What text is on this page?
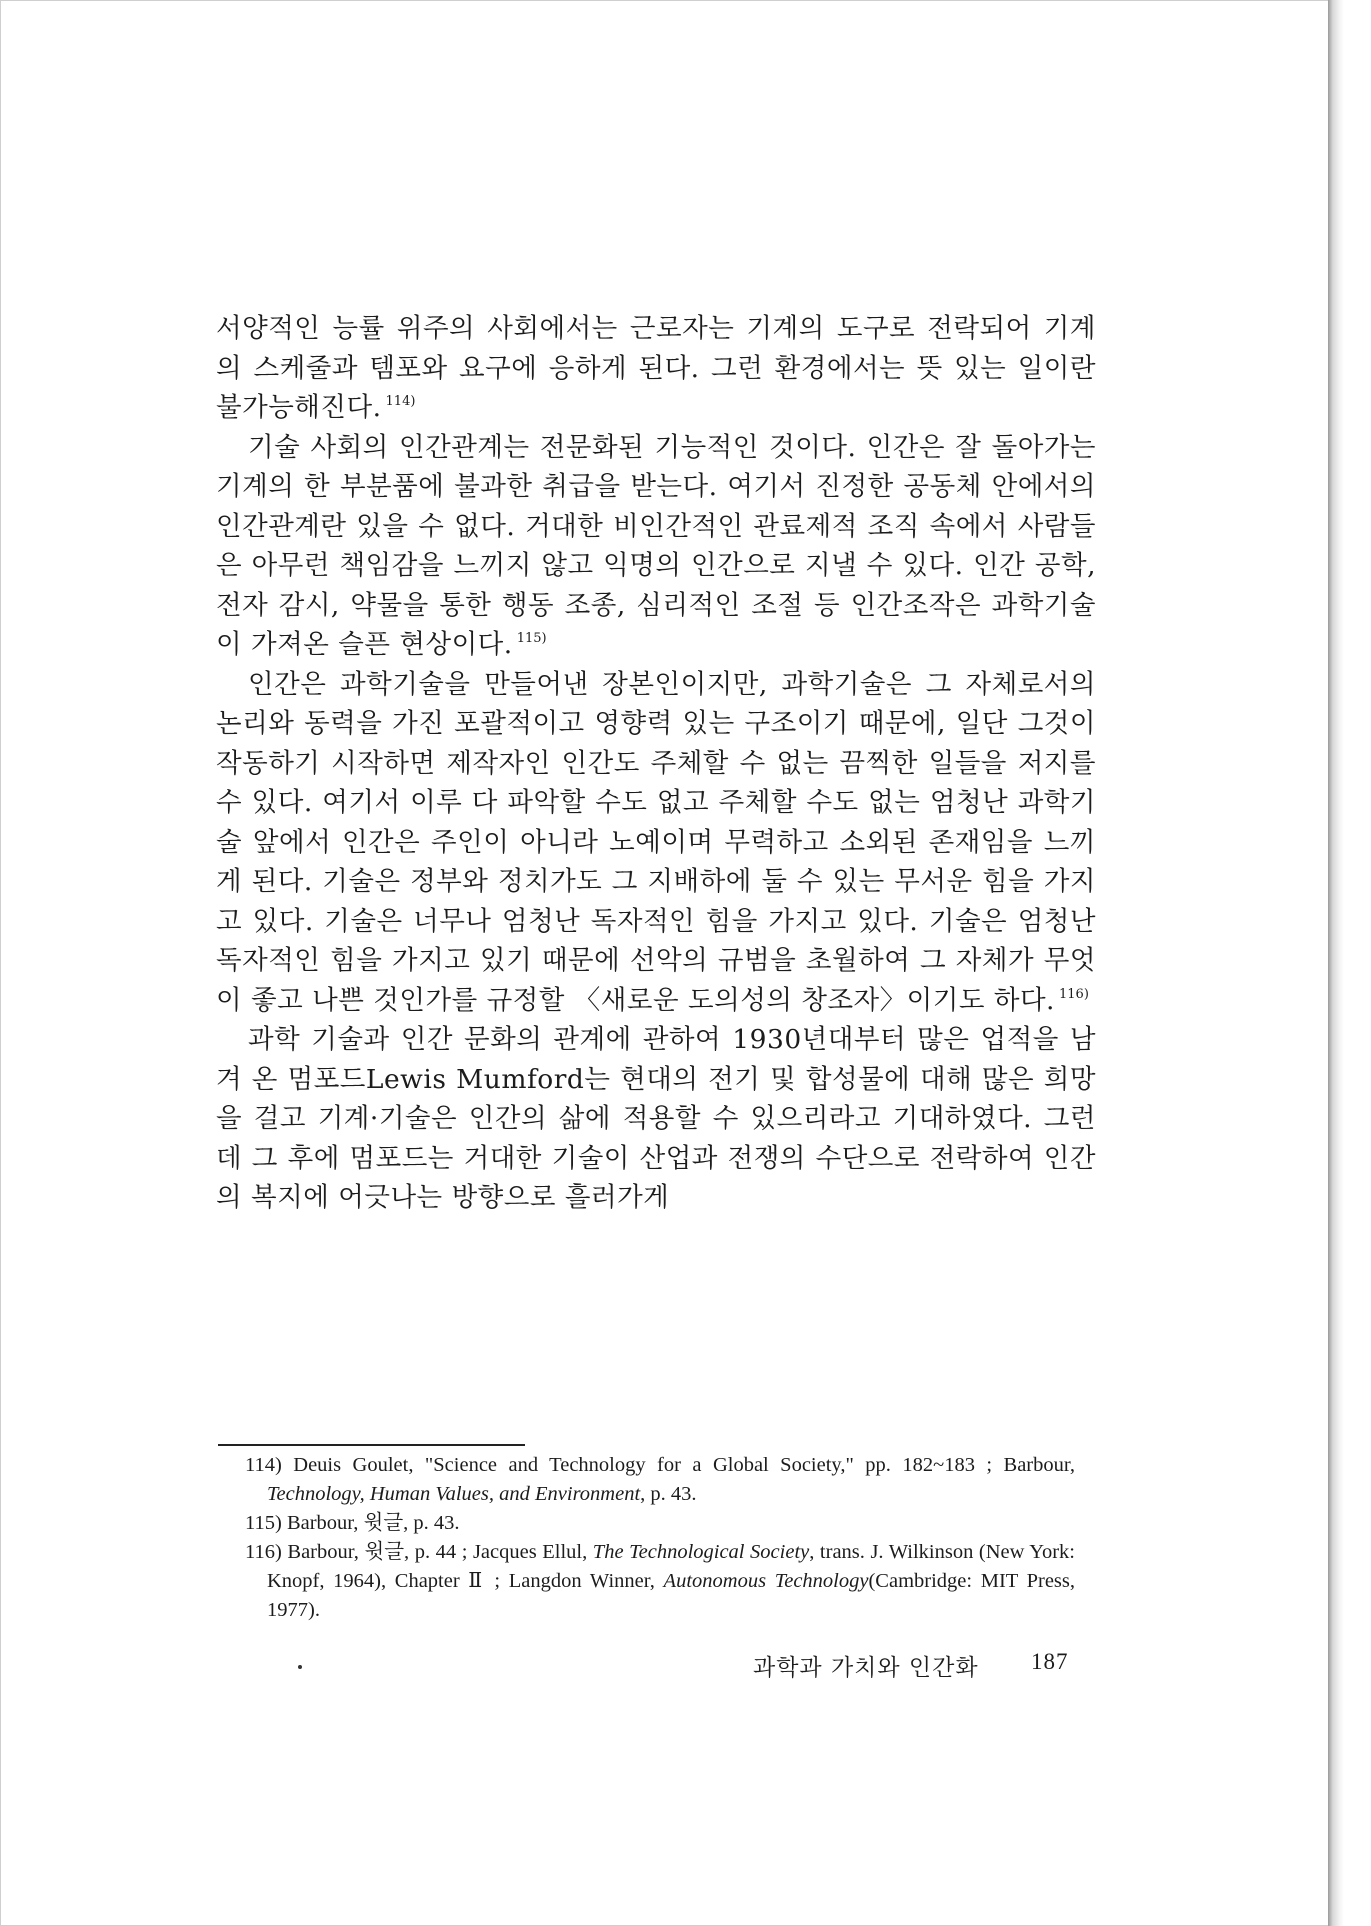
서양적인 능률 위주의 사회에서는 근로자는 기계의 도구로 전락되어 기계의 스케줄과 템포와 요구에 응하게 된다. 그런 환경에서는 뜻 있는 일이란 불가능해진다. $^{114)}$

기술 사회의 인간관계는 전문화된 기능적인 것이다. 인간은 잘 돌아가는 기계의 한 부분품에 불과한 취급을 받는다. 여기서 진정한 공동체 안에서의 인간관계란 있을 수 없다. 거대한 비인간적인 관료제적 조직 속에서 사람들은 아무런 책임감을 느끼지 않고 익명의 인간으로 지낼 수 있다. 인간 공학, 전자 감시, 약물을 통한 행동 조종, 심리적인 조절 등 인간조작은 과학기술이 가져온 슬픈 현상이다. $^{115)}$

인간은 과학기술을 만들어낸 장본인이지만, 과학기술은 그 자체로서의 논리와 동력을 가진 포괄적이고 영향력 있는 구조이기 때문에, 일단 그것이 작동하기 시작하면 제작자인 인간도 주체할 수 없는 끔찍한 일들을 저지를 수 있다. 여기서 이루 다 파악할 수도 없고 주체할 수도 없는 엄청난 과학기술 앞에서 인간은 주인이 아니라 노예이며 무력하고 소외된 존재임을 느끼게 된다. 기술은 정부와 정치가도 그 지배하에 둘 수 있는 무서운 힘을 가지고 있다. 기술은 너무나 엄청난 독자적인 힘을 가지고 있다. 기술은 엄청난 독자적인 힘을 가지고 있기 때문에 선악의 규범을 초월하여 그 자체가 무엇이 좋고 나쁜 것인가를 규정할 〈새로운 도의성의 창조자〉이기도 하다. $^{116)}$

과학 기술과 인간 문화의 관계에 관하여 1930년대부터 많은 업적을 남겨 온 멈포드Lewis Mumford는 현대의 전기 및 합성물에 대해 많은 희망을 걸고 기계·기술은 인간의 삶에 적용할 수 있으리라고 기대하였다. 그런데 그 후에 멈포드는 거대한 기술이 산업과 전쟁의 수단으로 전락하여 인간의 복지에 어긋나는 방향으로 흘러가게

114) Deuis Goulet, "Science and Technology for a Global Society," pp. 182~183 ; Barbour, Technology, Human Values, and Environment, p. 43.
115) Barbour, 윗글, p. 43.
116) Barbour, 윗글, p. 44 ; Jacques Ellul, The Technological Society, trans. J. Wilkinson (New York: Knopf, 1964), Chapter Ⅱ ; Langdon Winner, Autonomous Technology(Cambridge: MIT Press, 1977).
과학과 가치와 인간화 187
